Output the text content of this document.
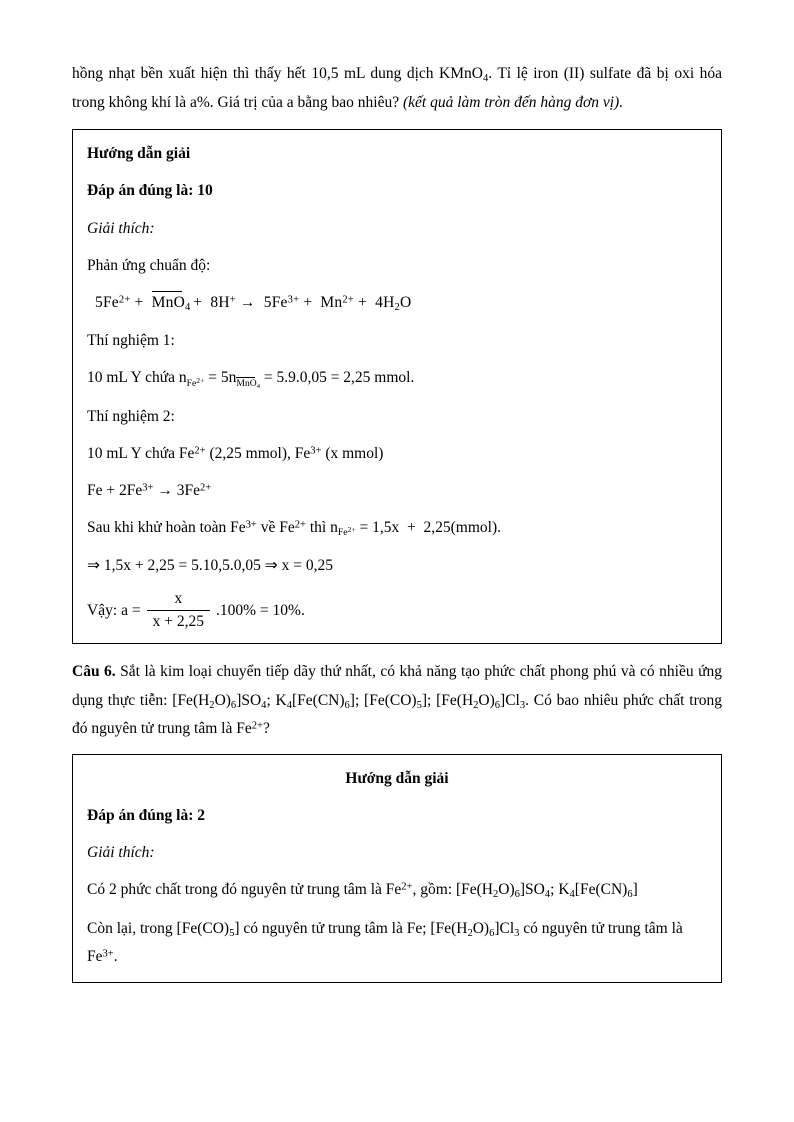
hồng nhạt bền xuất hiện thì thấy hết 10,5 mL dung dịch KMnO$_4$. Tỉ lệ iron (II) sulfate đã bị oxi hóa trong không khí là a%. Giá trị của a bằng bao nhiêu? (kết quả làm tròn đến hàng đơn vị).

Hướng dẫn giải

Đáp án đúng là: 10

Giải thích:

Phản ứng chuẩn độ:

$5Fe^{2+} + MnO_4 + 8H^+ \to 5Fe^{3+} + Mn^{2+} + 4H_2O$

Thí nghiệm 1:

10 mL Y chứa $n_{Fe^{2+}} = 5n_{MnO_4}$
= 5.9.0,05 = 2,25 mmol.

Thí nghiệm 2:

10 mL Y chứa $Fe^{2+}$ (2,25 mmol), $Fe^{3+}$ (x mmol)

$Fe + 2Fe^{3+} \to 3Fe^{2+}$

Sau khi khử hoàn toàn $Fe^{3+}$ về $Fe^{2+}$ thì $n_{Fe^{2+}} = 1,5x$  +  2,25(mmol).

⇒ 1,5x + 2,25 = 5.10,5.0,05 ⇒ x = 0,25

Vậy: $a = \frac{x}{x + 2,25} .100\% = 10\%$.

Câu 6. Sắt là kim loại chuyển tiếp dãy thứ nhất, có khả năng tạo phức chất phong phú và có nhiều ứng dụng thực tiễn: $[Fe(H_2O)_6]SO_4$; $K_4[Fe(CN)_6]$; $[Fe(CO)_5]$; $[Fe(H_2O)_6]Cl_3$. Có bao nhiêu phức chất trong đó nguyên tử trung tâm là $Fe^{2+}$?

Hướng dẫn giải

Đáp án đúng là: 2

Giải thích:

Có 2 phức chất trong đó nguyên tử trung tâm là $Fe^{2+}$, gồm: $[Fe(H_2O)_6]SO_4$; $K_4[Fe(CN)_6]$

Còn lại, trong $[Fe(CO)_5]$ có nguyên tử trung tâm là Fe; $[Fe(H_2O)_6]Cl_3$ có nguyên tử trung tâm là $Fe^{3+}$.
